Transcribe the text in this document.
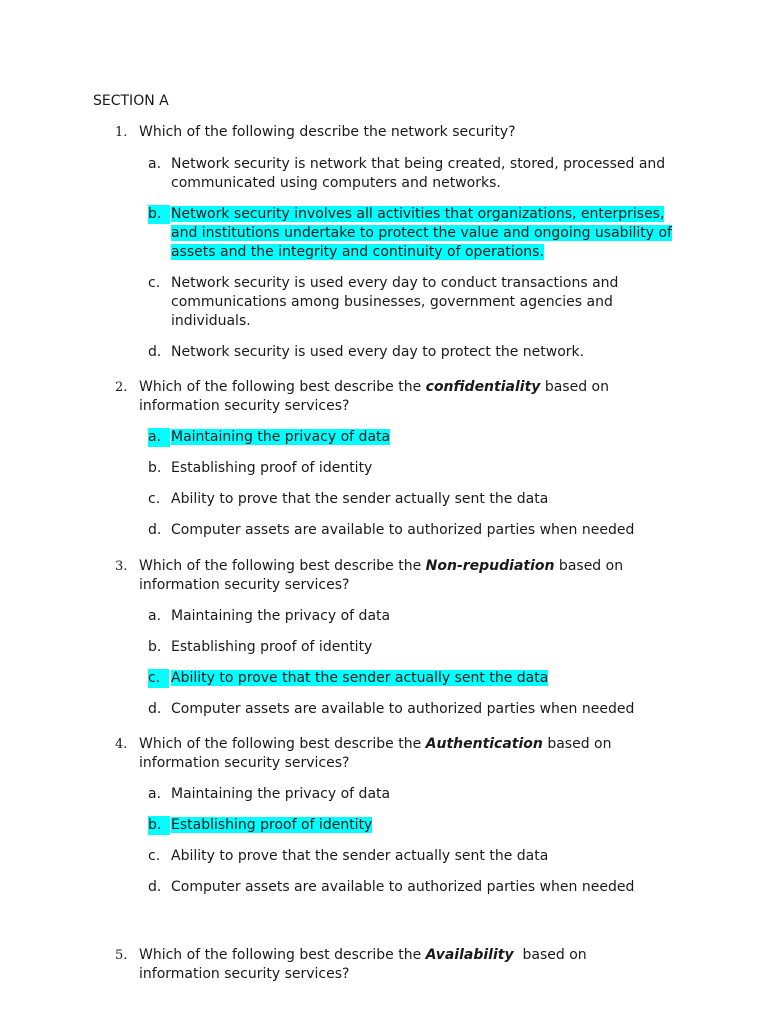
SECTION A
1. Which of the following describe the network security?
a. Network security is network that being created, stored, processed and communicated using computers and networks.
b. Network security involves all activities that organizations, enterprises, and institutions undertake to protect the value and ongoing usability of assets and the integrity and continuity of operations.
c. Network security is used every day to conduct transactions and communications among businesses, government agencies and individuals.
d. Network security is used every day to protect the network.
2. Which of the following best describe the confidentiality based on information security services?
a. Maintaining the privacy of data
b. Establishing proof of identity
c. Ability to prove that the sender actually sent the data
d. Computer assets are available to authorized parties when needed
3. Which of the following best describe the Non-repudiation based on information security services?
a. Maintaining the privacy of data
b. Establishing proof of identity
c. Ability to prove that the sender actually sent the data
d. Computer assets are available to authorized parties when needed
4. Which of the following best describe the Authentication based on information security services?
a. Maintaining the privacy of data
b. Establishing proof of identity
c. Ability to prove that the sender actually sent the data
d. Computer assets are available to authorized parties when needed
5. Which of the following best describe the Availability  based on information security services?
